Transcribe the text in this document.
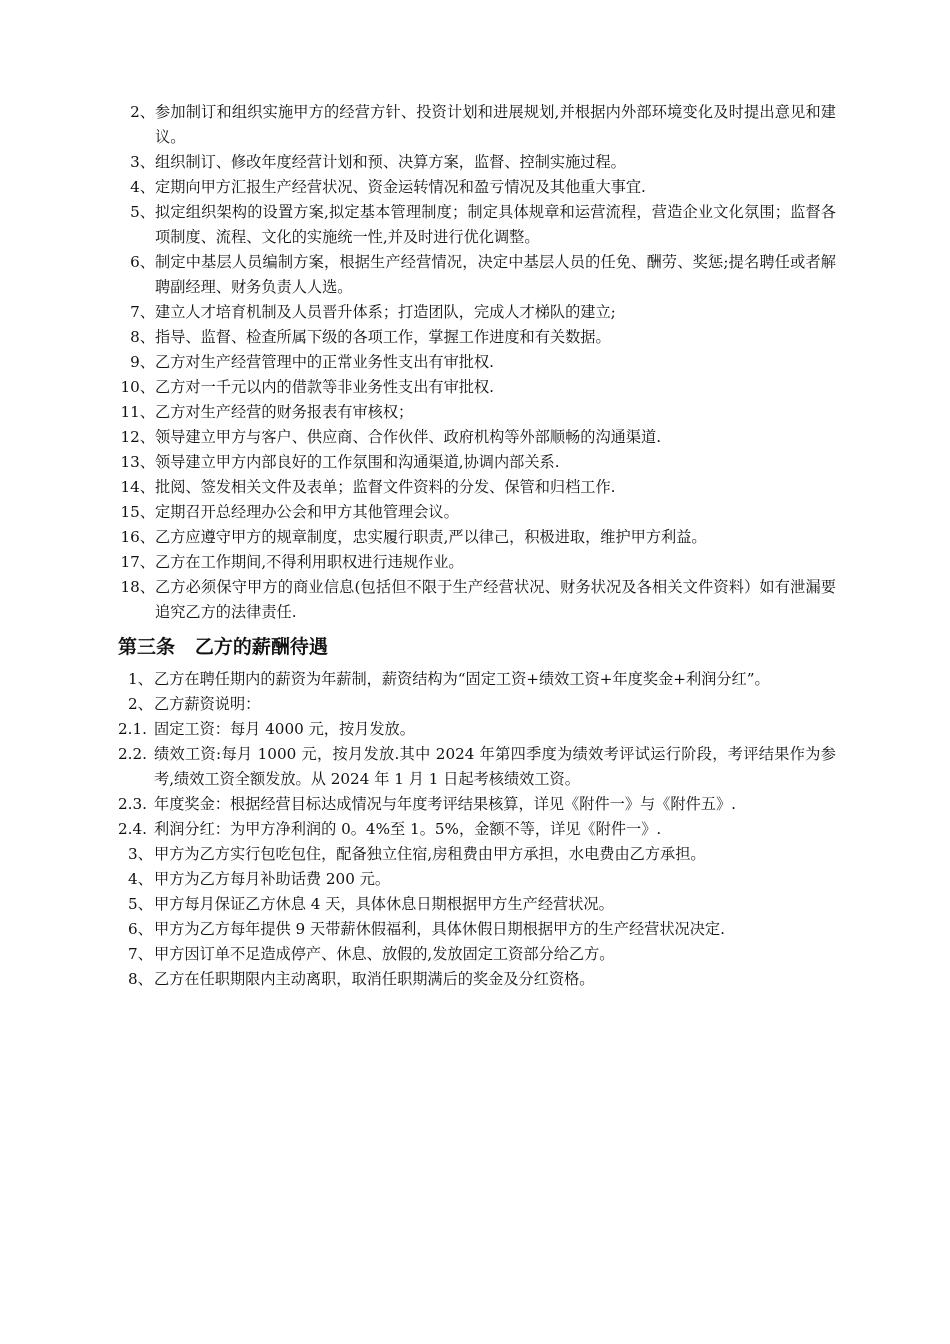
2、 参加制订和组织实施甲方的经营方针、投资计划和进展规划,并根据内外部环境变化及时提出意见和建议。
3、 组织制订、修改年度经营计划和预、决算方案，监督、控制实施过程。
4、 定期向甲方汇报生产经营状况、资金运转情况和盈亏情况及其他重大事宜.
5、 拟定组织架构的设置方案,拟定基本管理制度；制定具体规章和运营流程，营造企业文化氛围；监督各项制度、流程、文化的实施统一性,并及时进行优化调整。
6、 制定中基层人员编制方案，根据生产经营情况，决定中基层人员的任免、酬劳、奖惩;提名聘任或者解聘副经理、财务负责人人选。
7、 建立人才培育机制及人员晋升体系；打造团队，完成人才梯队的建立;
8、 指导、监督、检查所属下级的各项工作，掌握工作进度和有关数据。
9、 乙方对生产经营管理中的正常业务性支出有审批权.
10、 乙方对一千元以内的借款等非业务性支出有审批权.
11、 乙方对生产经营的财务报表有审核权；
12、 领导建立甲方与客户、供应商、合作伙伴、政府机构等外部顺畅的沟通渠道.
13、 领导建立甲方内部良好的工作氛围和沟通渠道,协调内部关系.
14、 批阅、签发相关文件及表单；监督文件资料的分发、保管和归档工作.
15、 定期召开总经理办公会和甲方其他管理会议。
16、 乙方应遵守甲方的规章制度，忠实履行职责,严以律己，积极进取，维护甲方利益。
17、 乙方在工作期间,不得利用职权进行违规作业。
18、 乙方必须保守甲方的商业信息(包括但不限于生产经营状况、财务状况及各相关文件资料）如有泄漏要追究乙方的法律责任.
第三条   乙方的薪酬待遇
1、 乙方在聘任期内的薪资为年薪制，薪资结构为“固定工资+绩效工资+年度奖金+利润分红”。
2、 乙方薪资说明：
2.1. 固定工资：每月 4000 元，按月发放。
2.2. 绩效工资:每月 1000 元，按月发放.其中 2024 年第四季度为绩效考评试运行阶段，考评结果作为参考,绩效工资全额发放。从 2024 年 1 月 1 日起考核绩效工资。
2.3. 年度奖金：根据经营目标达成情况与年度考评结果核算，详见《附件一》与《附件五》.
2.4. 利润分红：为甲方净利润的 0。4%至 1。5%，金额不等，详见《附件一》.
3、 甲方为乙方实行包吃包住，配备独立住宿,房租费由甲方承担，水电费由乙方承担。
4、 甲方为乙方每月补助话费 200 元。
5、 甲方每月保证乙方休息 4 天，具体休息日期根据甲方生产经营状况。
6、 甲方为乙方每年提供 9 天带薪休假福利，具体休假日期根据甲方的生产经营状况决定.
7、 甲方因订单不足造成停产、休息、放假的,发放固定工资部分给乙方。
8、 乙方在任职期限内主动离职，取消任职期满后的奖金及分红资格。
